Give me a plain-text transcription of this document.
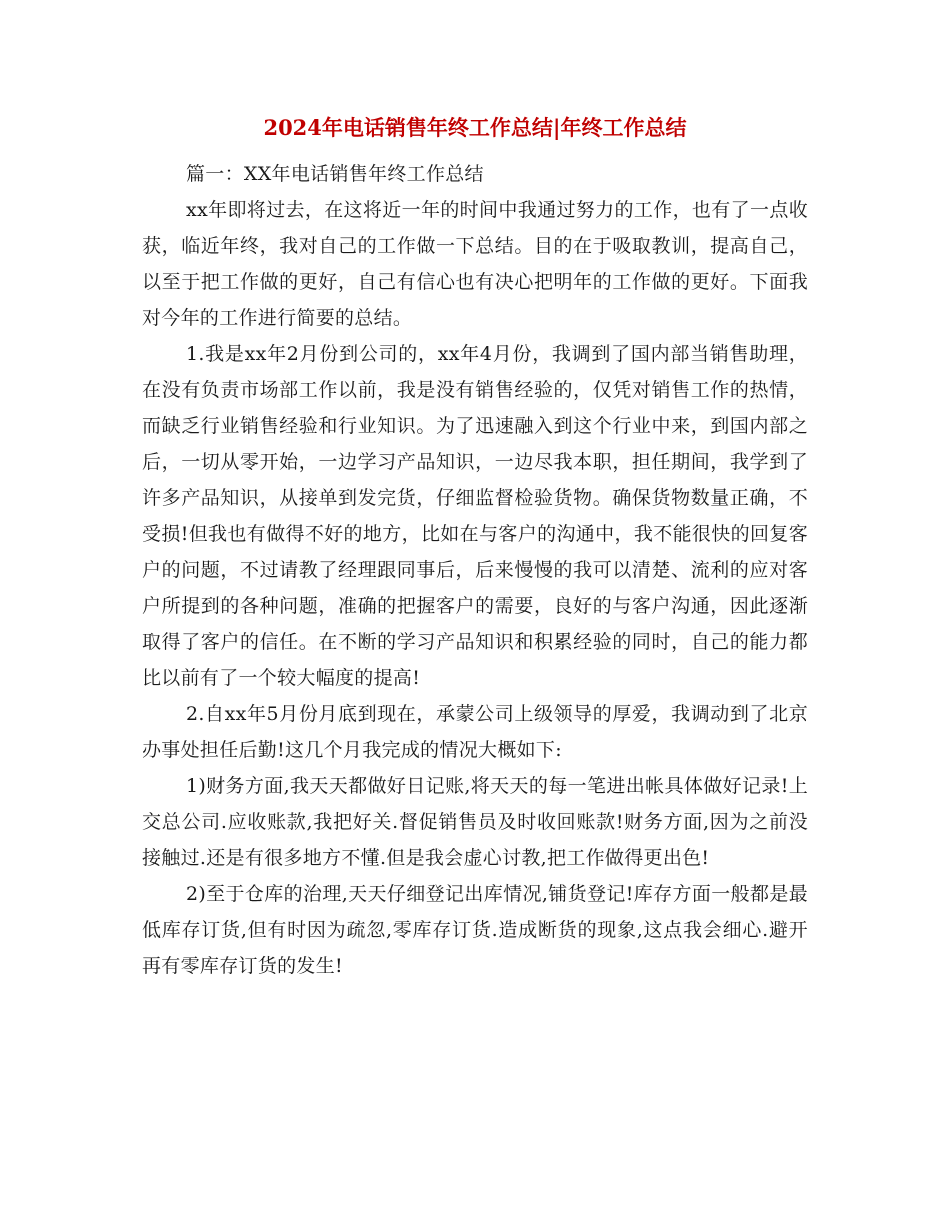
2024年电话销售年终工作总结|年终工作总结

篇一：XX年电话销售年终工作总结

xx年即将过去，在这将近一年的时间中我通过努力的工作，也有了一点收获，临近年终，我对自己的工作做一下总结。目的在于吸取教训，提高自己，以至于把工作做的更好，自己有信心也有决心把明年的工作做的更好。下面我对今年的工作进行简要的总结。

1.我是xx年2月份到公司的，xx年4月份，我调到了国内部当销售助理，在没有负责市场部工作以前，我是没有销售经验的，仅凭对销售工作的热情，而缺乏行业销售经验和行业知识。为了迅速融入到这个行业中来，到国内部之后，一切从零开始，一边学习产品知识，一边尽我本职，担任期间，我学到了许多产品知识，从接单到发完货，仔细监督检验货物。确保货物数量正确，不受损!但我也有做得不好的地方，比如在与客户的沟通中，我不能很快的回复客户的问题，不过请教了经理跟同事后，后来慢慢的我可以清楚、流利的应对客户所提到的各种问题，准确的把握客户的需要，良好的与客户沟通，因此逐渐取得了客户的信任。在不断的学习产品知识和积累经验的同时，自己的能力都比以前有了一个较大幅度的提高!

2.自xx年5月份月底到现在，承蒙公司上级领导的厚爱，我调动到了北京办事处担任后勤!这几个月我完成的情况大概如下:

1)财务方面,我天天都做好日记账,将天天的每一笔进出帐具体做好记录!上交总公司.应收账款,我把好关.督促销售员及时收回账款!财务方面,因为之前没接触过.还是有很多地方不懂.但是我会虚心讨教,把工作做得更出色!

2)至于仓库的治理,天天仔细登记出库情况,铺货登记!库存方面一般都是最低库存订货,但有时因为疏忽,零库存订货.造成断货的现象,这点我会细心.避开再有零库存订货的发生!
